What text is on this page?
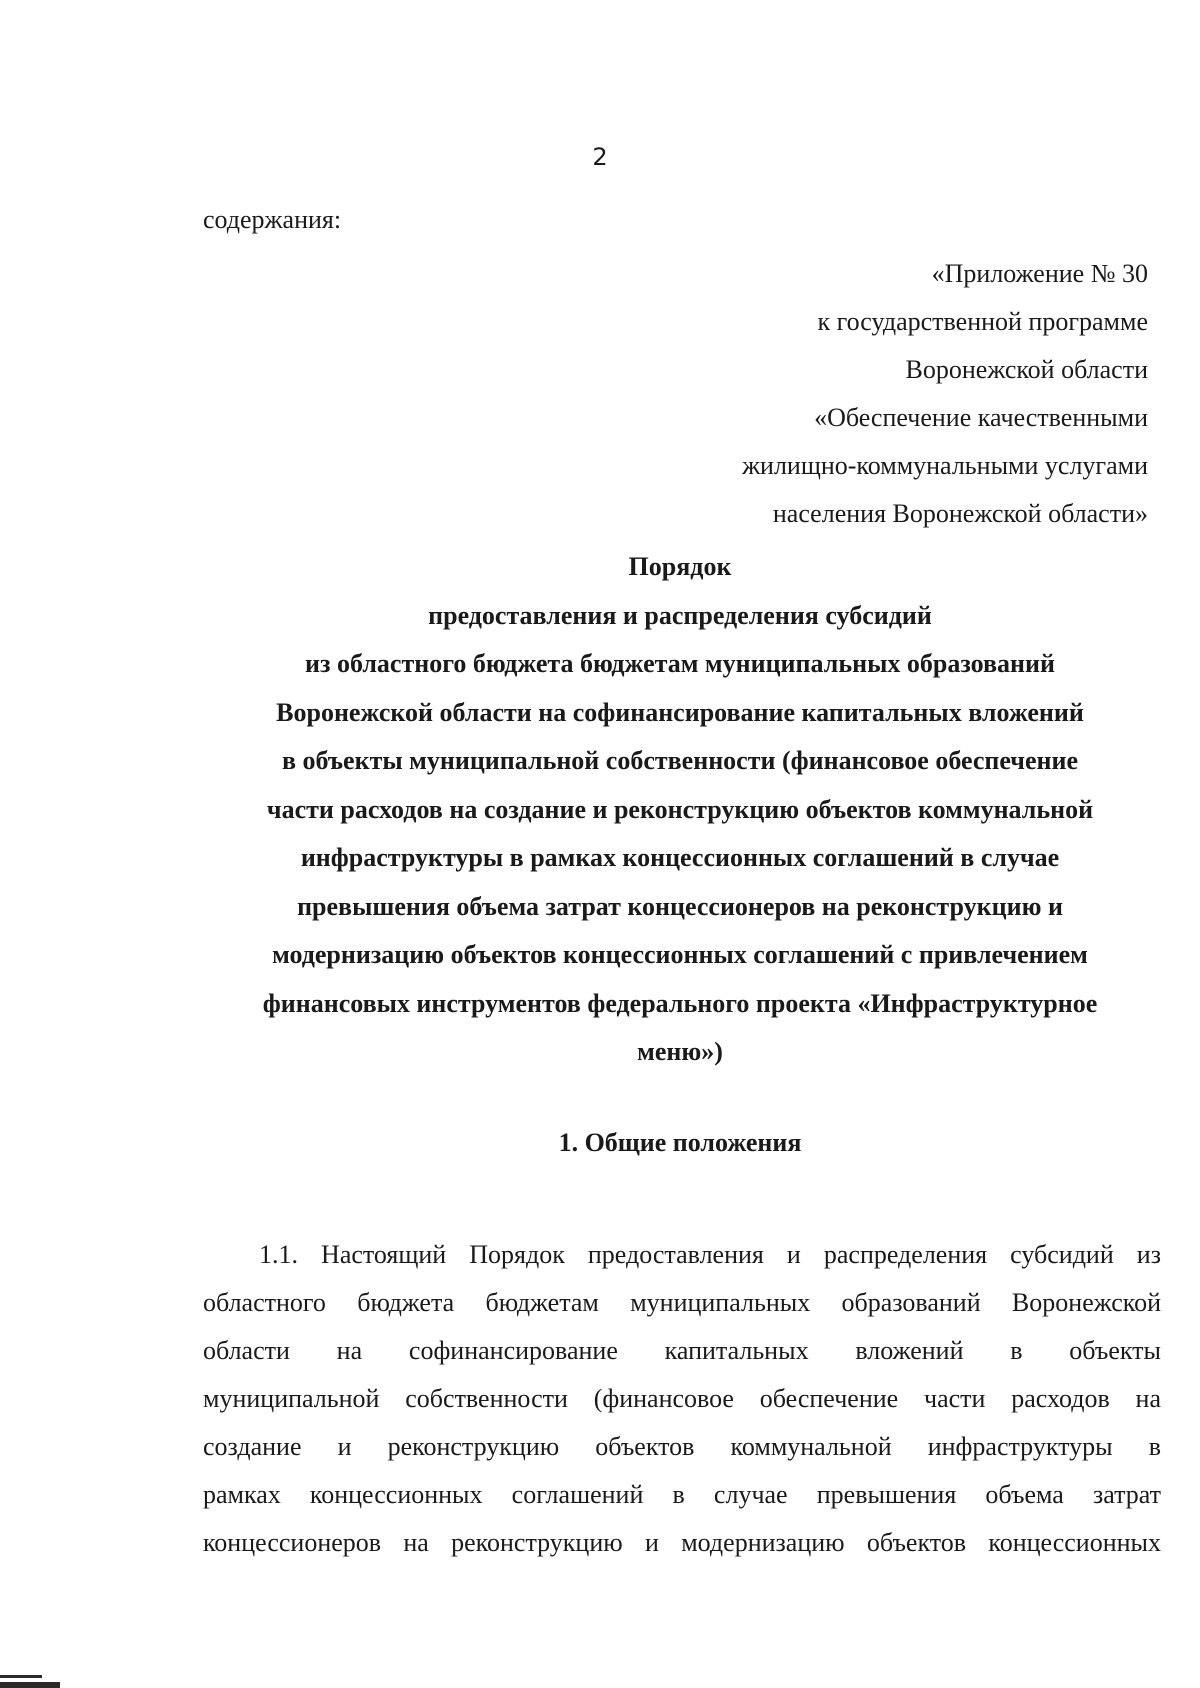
2
содержания:
«Приложение № 30
к государственной программе
Воронежской области
«Обеспечение качественными
жилищно-коммунальными услугами
населения Воронежской области»
Порядок
предоставления и распределения субсидий
из областного бюджета бюджетам муниципальных образований
Воронежской области на софинансирование капитальных вложений
в объекты муниципальной собственности (финансовое обеспечение
части расходов на создание и реконструкцию объектов коммунальной
инфраструктуры в рамках концессионных соглашений в случае
превышения объема затрат концессионеров на реконструкцию и
модернизацию объектов концессионных соглашений с привлечением
финансовых инструментов федерального проекта «Инфраструктурное
меню»)
1. Общие положения
1.1. Настоящий Порядок предоставления и распределения субсидий из
областного бюджета бюджетам муниципальных образований Воронежской
области на софинансирование капитальных вложений в объекты
муниципальной собственности (финансовое обеспечение части расходов на
создание и реконструкцию объектов коммунальной инфраструктуры в
рамках концессионных соглашений в случае превышения объема затрат
концессионеров на реконструкцию и модернизацию объектов концессионных
